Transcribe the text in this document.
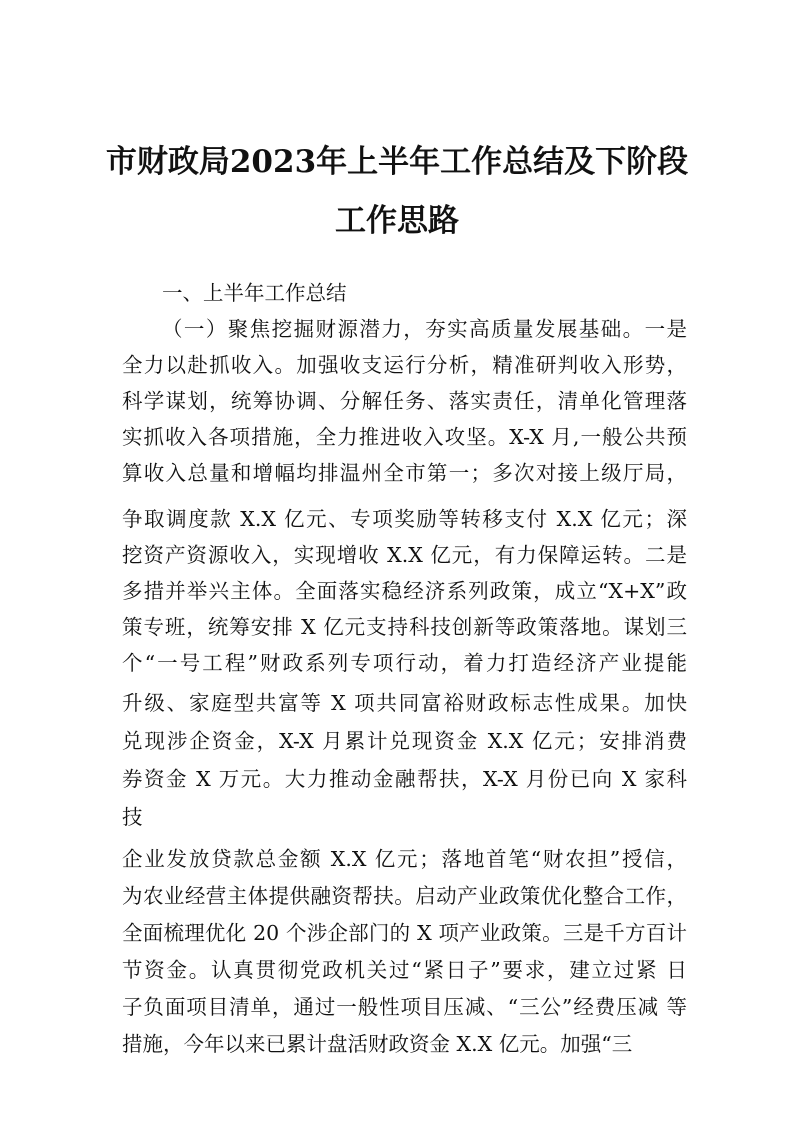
市财政局2023年上半年工作总结及下阶段
工作思路

一、上半年工作总结

（一）聚焦挖掘财源潜力，夯实高质量发展基础。一是

全力以赴抓收入。加强收支运行分析，精准研判收入形势，

科学谋划，统筹协调、分解任务、落实责任，清单化管理落

实抓收入各项措施，全力推进收入攻坚。X-X 月,一般公共预

算收入总量和增幅均排温州全市第一；多次对接上级厅局，

争取调度款 X.X 亿元、专项奖励等转移支付 X.X 亿元；深

挖资产资源收入，实现增收 X.X 亿元，有力保障运转。二是

多措并举兴主体。全面落实稳经济系列政策，成立“X+X”政

策专班，统筹安排 X 亿元支持科技创新等政策落地。谋划三

个“一号工程”财政系列专项行动，着力打造经济产业提能

升级、家庭型共富等 X 项共同富裕财政标志性成果。加快

兑现涉企资金，X-X 月累计兑现资金 X.X 亿元；安排消费

券资金 X 万元。大力推动金融帮扶，X-X 月份已向 X 家科

技

企业发放贷款总金额 X.X 亿元；落地首笔“财农担”授信，

为农业经营主体提供融资帮扶。启动产业政策优化整合工作，

全面梳理优化 20 个涉企部门的 X 项产业政策。三是千方百计

节资金。认真贯彻党政机关过“紧日子”要求，建立过紧 日

子负面项目清单，通过一般性项目压减、“三公”经费压减 等

措施，今年以来已累计盘活财政资金 X.X 亿元。加强“三
